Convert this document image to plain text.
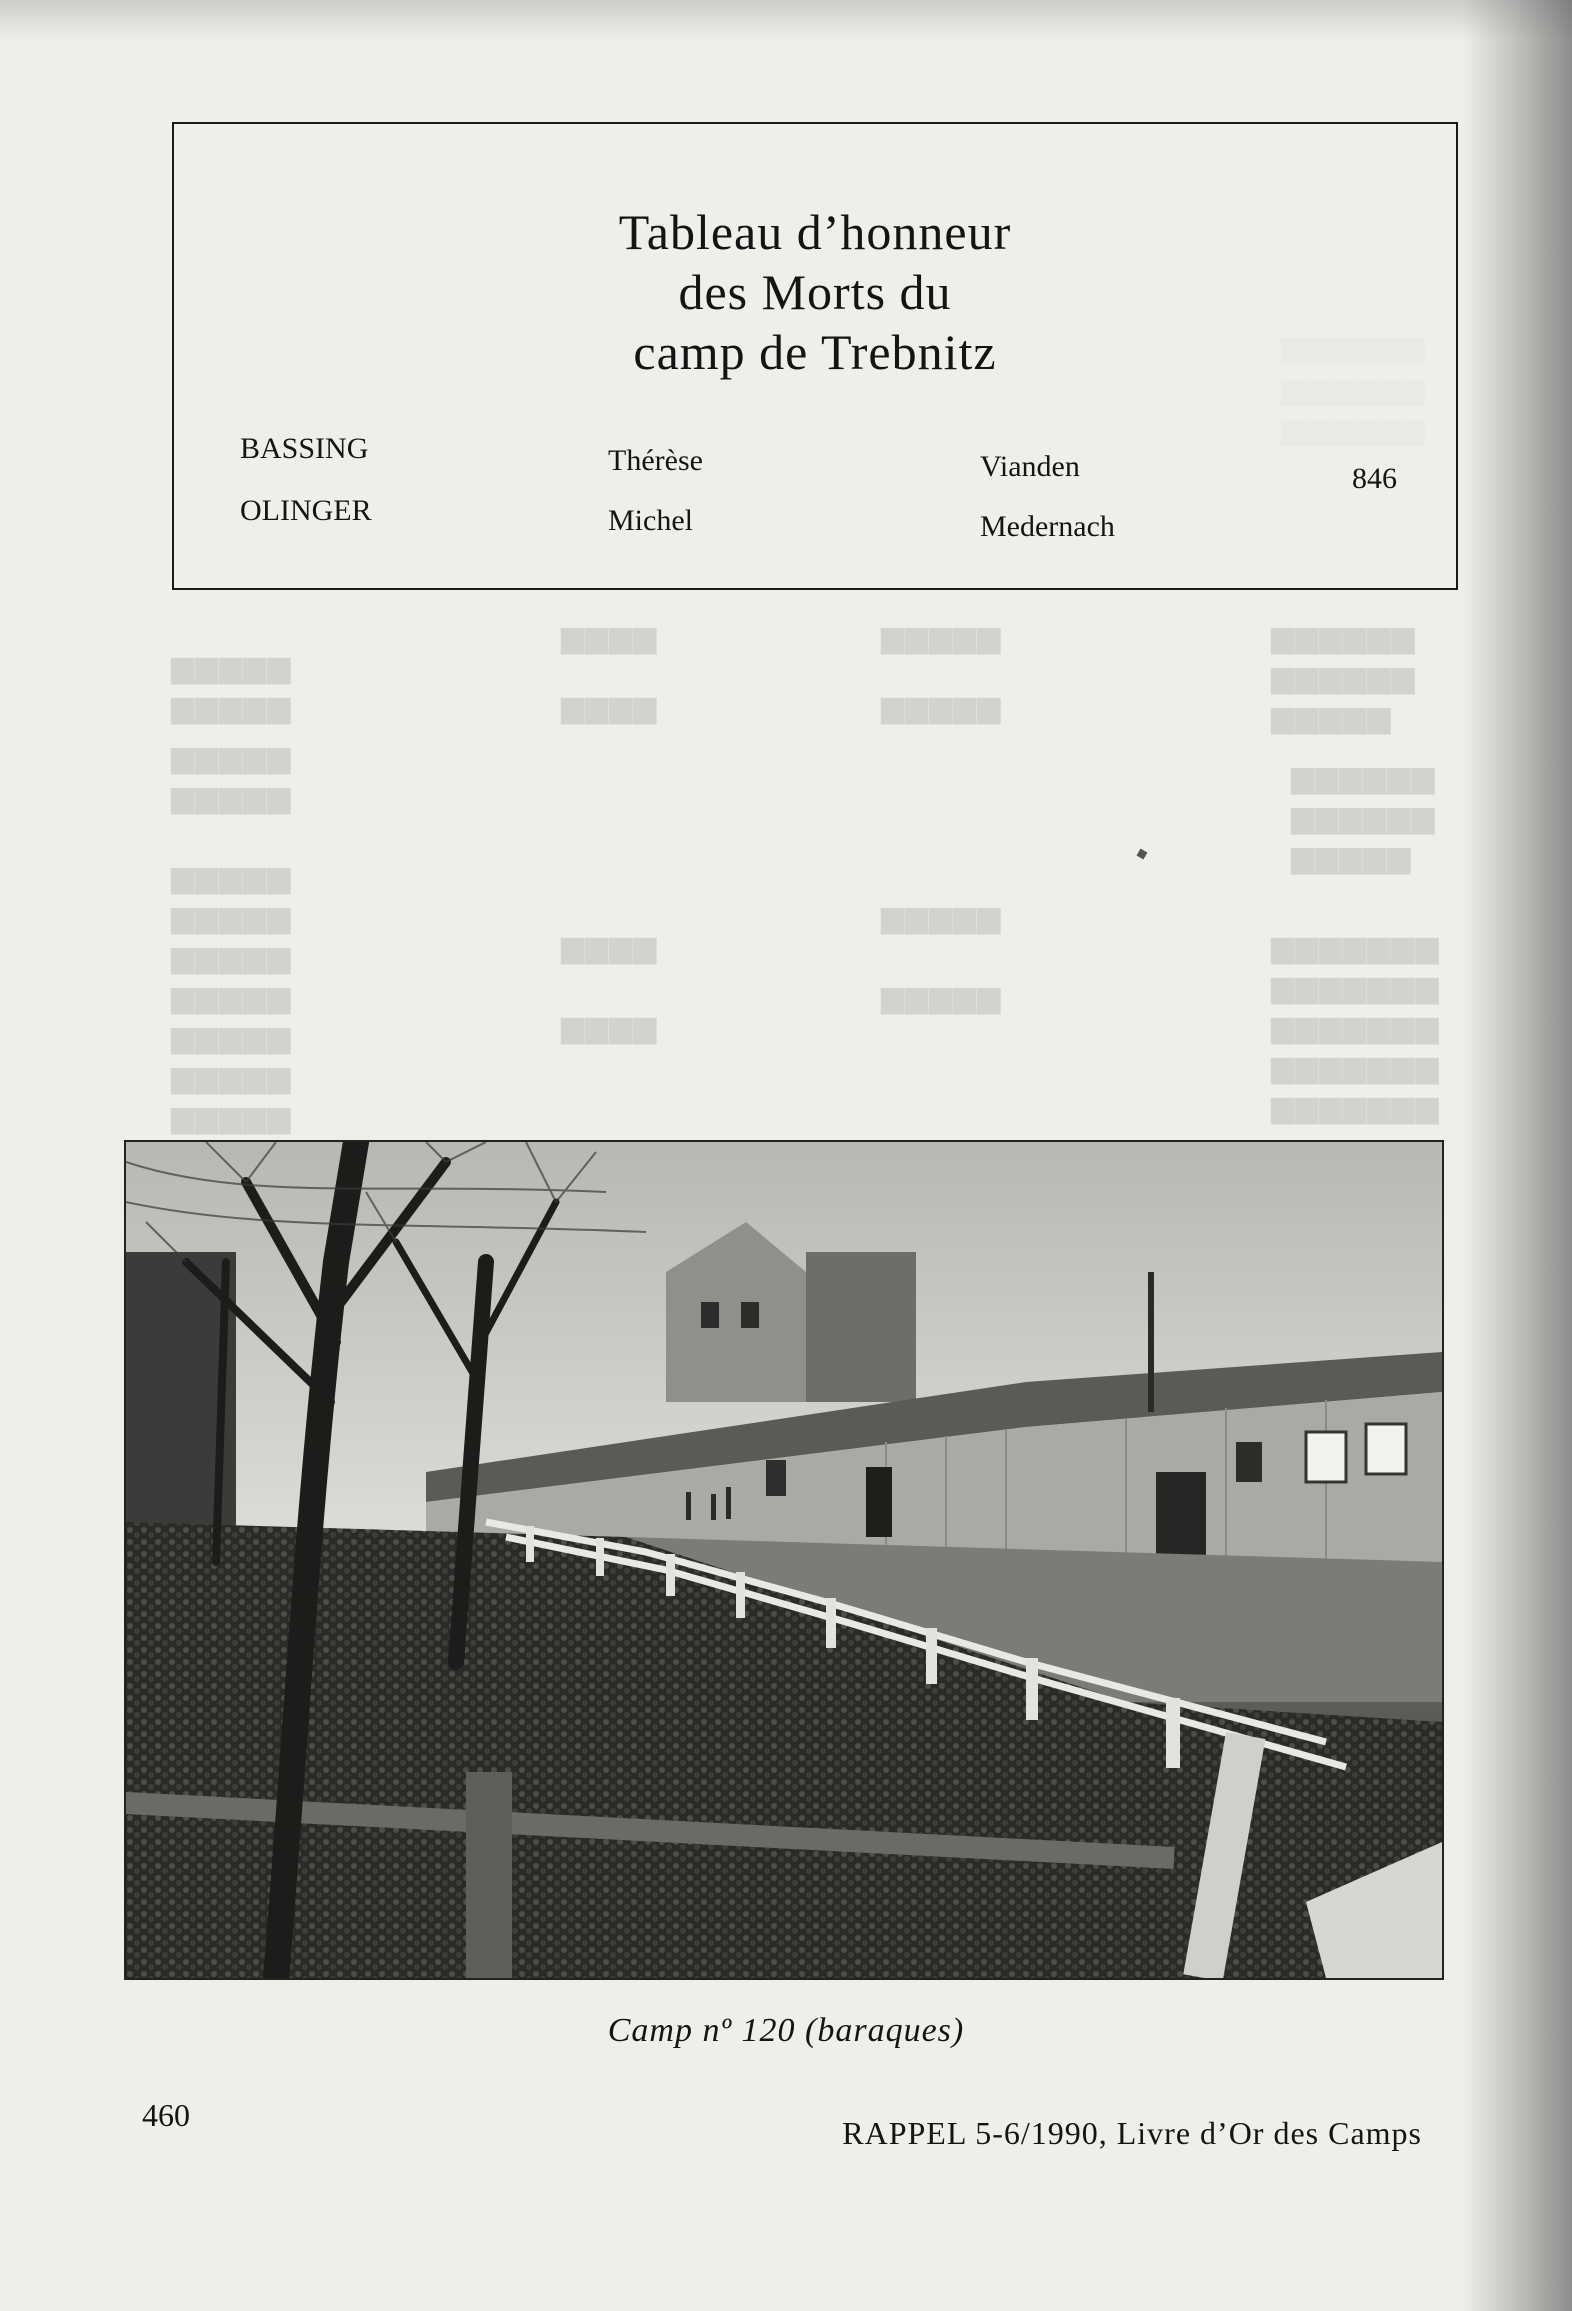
▆▆▆▆▆▆
▆▆▆▆▆▆
▆▆▆▆▆
▆▆▆▆▆▆
▆▆▆▆▆▆
▆▆▆▆▆
▆▆▆▆▆▆▆
▆▆▆▆▆▆▆
▆▆▆▆▆▆▆
▆▆▆▆▆▆▆
▆▆▆▆▆▆▆
▆▆▆▆▆
▆▆▆▆▆
▆▆▆▆▆
▆▆▆▆▆
▆▆▆▆▆
▆▆▆▆▆
▆▆▆▆▆
▆▆▆▆▆
▆▆▆▆▆
▆▆▆▆▆
▆▆▆▆▆
▆▆▆▆
▆▆▆▆
▆▆▆▆▆
▆▆▆▆▆
▆▆▆▆▆
▆▆▆▆▆
▆▆▆▆
▆▆▆▆
Tableau d’honneur
des Morts du
camp de Trebnitz
BASSING	Thérèse	Vianden	846
OLINGER	Michel	Medernach
Camp nº 120 (baraques)
460	RAPPEL 5-6/1990, Livre d’Or des Camps
